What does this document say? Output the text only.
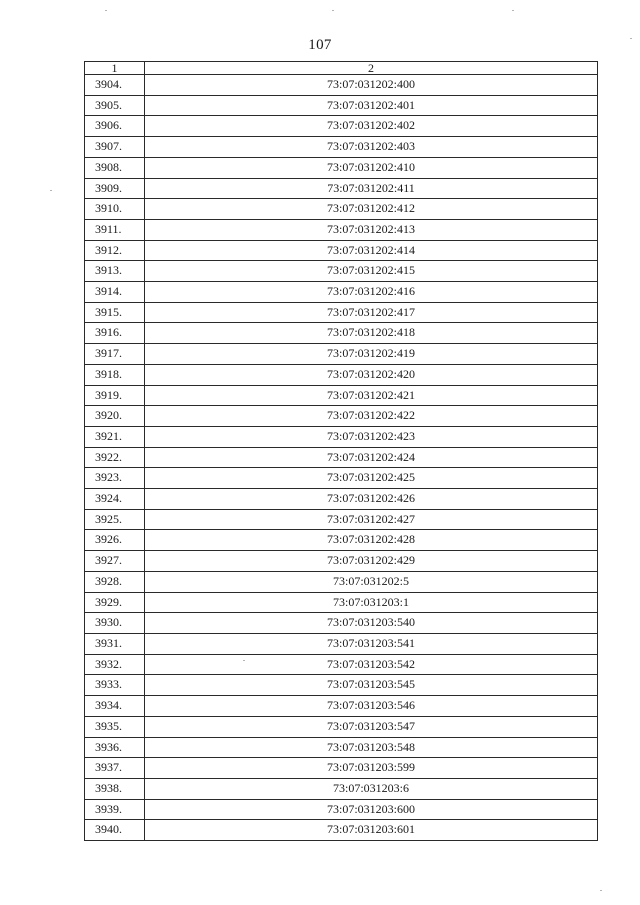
107
1	2
3904.	73:07:031202:400
3905.	73:07:031202:401
3906.	73:07:031202:402
3907.	73:07:031202:403
3908.	73:07:031202:410
3909.	73:07:031202:411
3910.	73:07:031202:412
3911.	73:07:031202:413
3912.	73:07:031202:414
3913.	73:07:031202:415
3914.	73:07:031202:416
3915.	73:07:031202:417
3916.	73:07:031202:418
3917.	73:07:031202:419
3918.	73:07:031202:420
3919.	73:07:031202:421
3920.	73:07:031202:422
3921.	73:07:031202:423
3922.	73:07:031202:424
3923.	73:07:031202:425
3924.	73:07:031202:426
3925.	73:07:031202:427
3926.	73:07:031202:428
3927.	73:07:031202:429
3928.	73:07:031202:5
3929.	73:07:031203:1
3930.	73:07:031203:540
3931.	73:07:031203:541
3932.	73:07:031203:542
3933.	73:07:031203:545
3934.	73:07:031203:546
3935.	73:07:031203:547
3936.	73:07:031203:548
3937.	73:07:031203:599
3938.	73:07:031203:6
3939.	73:07:031203:600
3940.	73:07:031203:601
